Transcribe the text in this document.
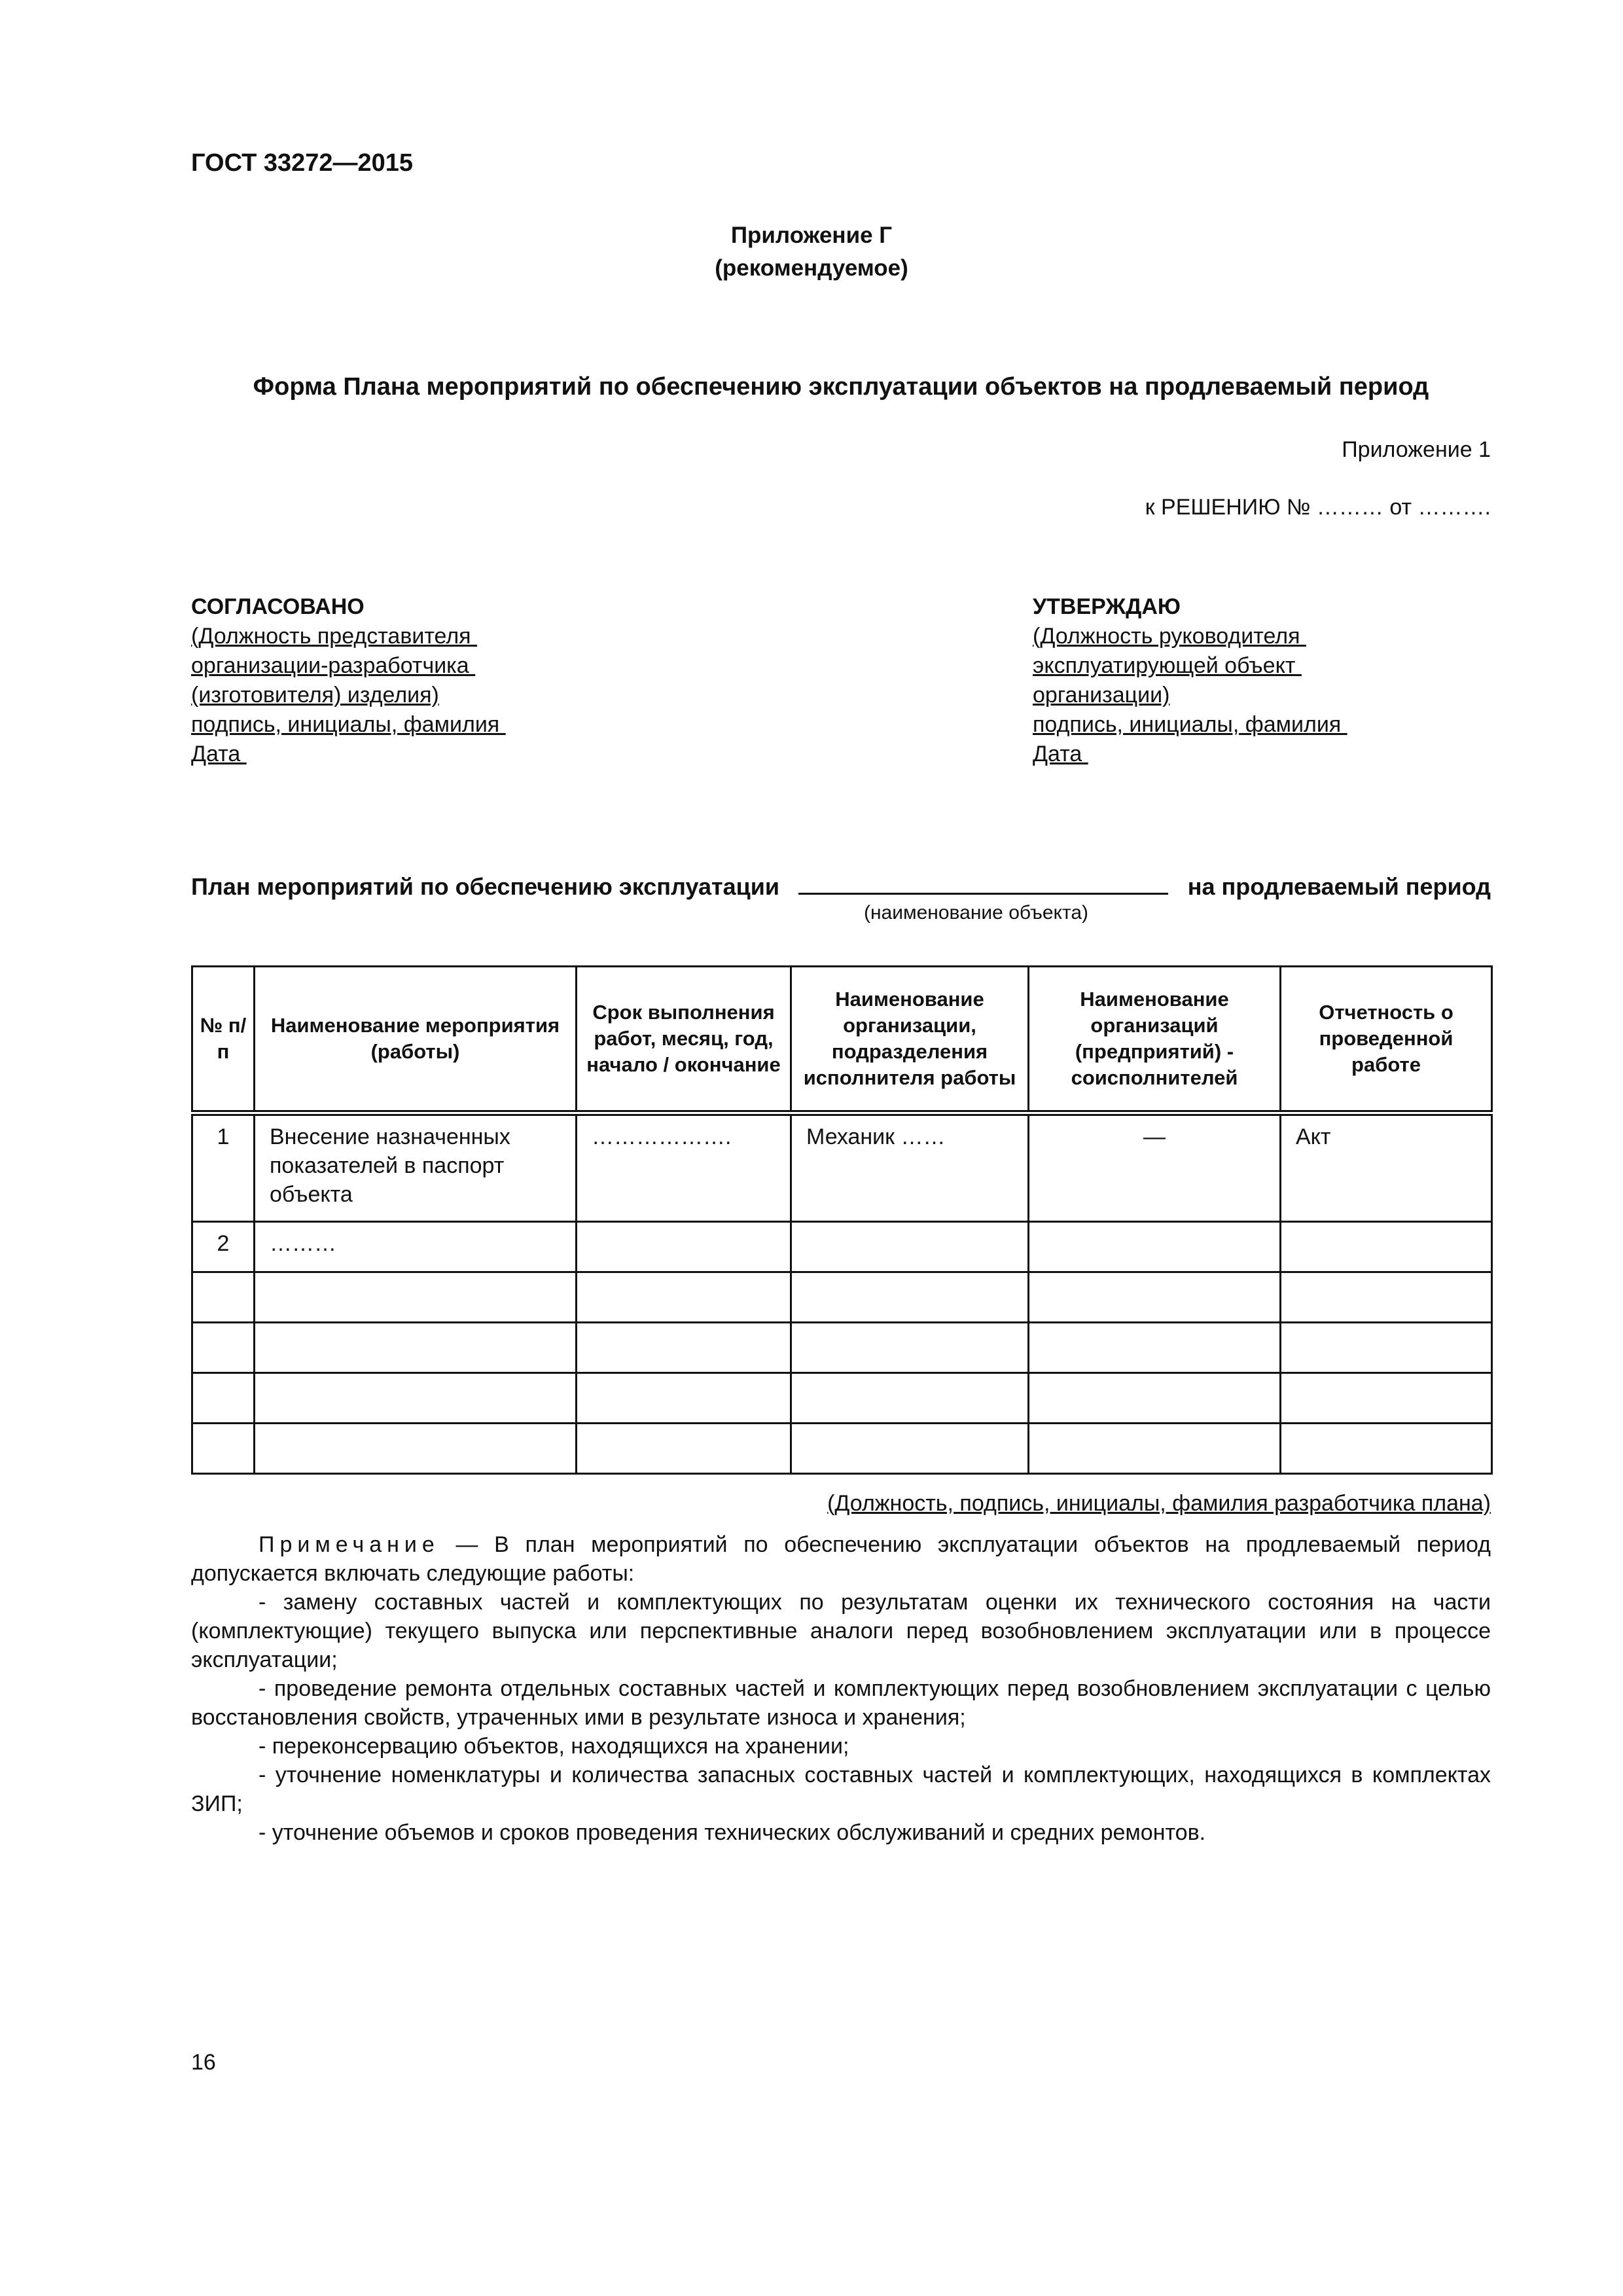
ГОСТ 33272—2015
Приложение Г
(рекомендуемое)
Форма Плана мероприятий по обеспечению эксплуатации объектов на продлеваемый период
Приложение 1
к РЕШЕНИЮ № ……… от ……….
СОГЛАСОВАНО
(Должность представителя
организации-разработчика
(изготовителя) изделия)
подпись, инициалы, фамилия
Дата
УТВЕРЖДАЮ
(Должность руководителя
эксплуатирующей объект
организации)
подпись, инициалы, фамилия
Дата
План мероприятий по обеспечению эксплуатации	на продлеваемый период
(наименование объекта)
№ п/п	Наименование мероприятия (работы)	Срок выполнения работ, месяц, год, начало / окончание	Наименование организации, подразделения исполнителя работы	Наименование организаций (предприятий) - соисполнителей	Отчетность о проведенной работе
1	Внесение назначенных показателей в паспорт объекта	……………….	Механик ……	—	Акт
2	………				

(Должность, подпись, инициалы, фамилия разработчика плана)

Примечание — В план мероприятий по обеспечению эксплуатации объектов на продлеваемый период допускается включать следующие работы:

- замену составных частей и комплектующих по результатам оценки их технического состояния на части (комплектующие) текущего выпуска или перспективные аналоги перед возобновлением эксплуатации или в процессе эксплуатации;

- проведение ремонта отдельных составных частей и комплектующих перед возобновлением эксплуатации с целью восстановления свойств, утраченных ими в результате износа и хранения;

- переконсервацию объектов, находящихся на хранении;

- уточнение номенклатуры и количества запасных составных частей и комплектующих, находящихся в комплектах ЗИП;

- уточнение объемов и сроков проведения технических обслуживаний и средних ремонтов.

16
